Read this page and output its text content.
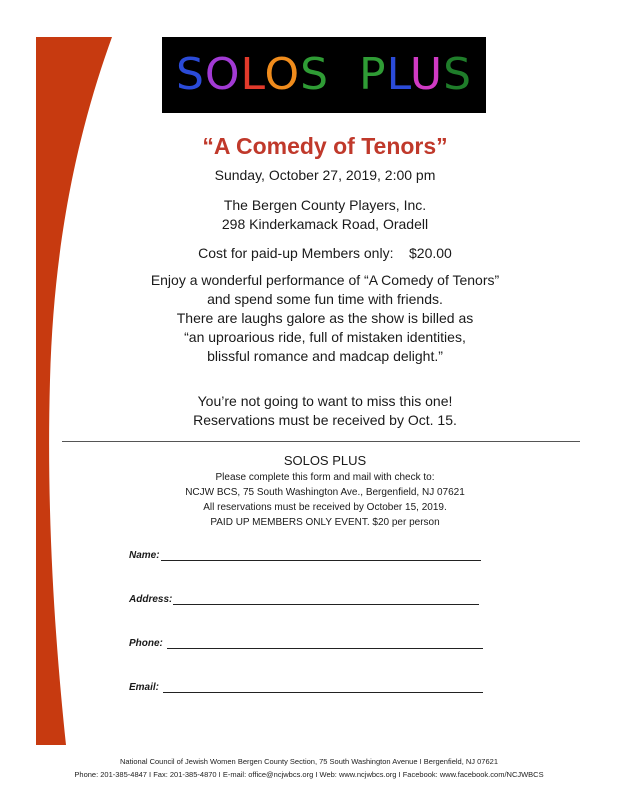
SOLOS PLUS
“A Comedy of Tenors”
Sunday, October 27, 2019, 2:00 pm
The Bergen County Players, Inc.
298 Kinderkamack Road, Oradell
Cost for paid-up Members only:    $20.00
Enjoy a wonderful performance of “A Comedy of Tenors”
and spend some fun time with friends.
There are laughs galore as the show is billed as
“an uproarious ride, full of mistaken identities,
blissful romance and madcap delight.”
You’re not going to want to miss this one!
Reservations must be received by Oct. 15.
SOLOS PLUS
Please complete this form and mail with check to:
NCJW BCS, 75 South Washington Ave., Bergenfield, NJ 07621
All reservations must be received by October 15, 2019.
PAID UP MEMBERS ONLY EVENT. $20 per person
Name:
Address:
Phone:
Email:
National Council of Jewish Women Bergen County Section, 75 South Washington Avenue I Bergenfield, NJ 07621
Phone: 201-385-4847 I Fax: 201-385-4870 I E-mail: office@ncjwbcs.org I Web: www.ncjwbcs.org I Facebook: www.facebook.com/NCJWBCS
